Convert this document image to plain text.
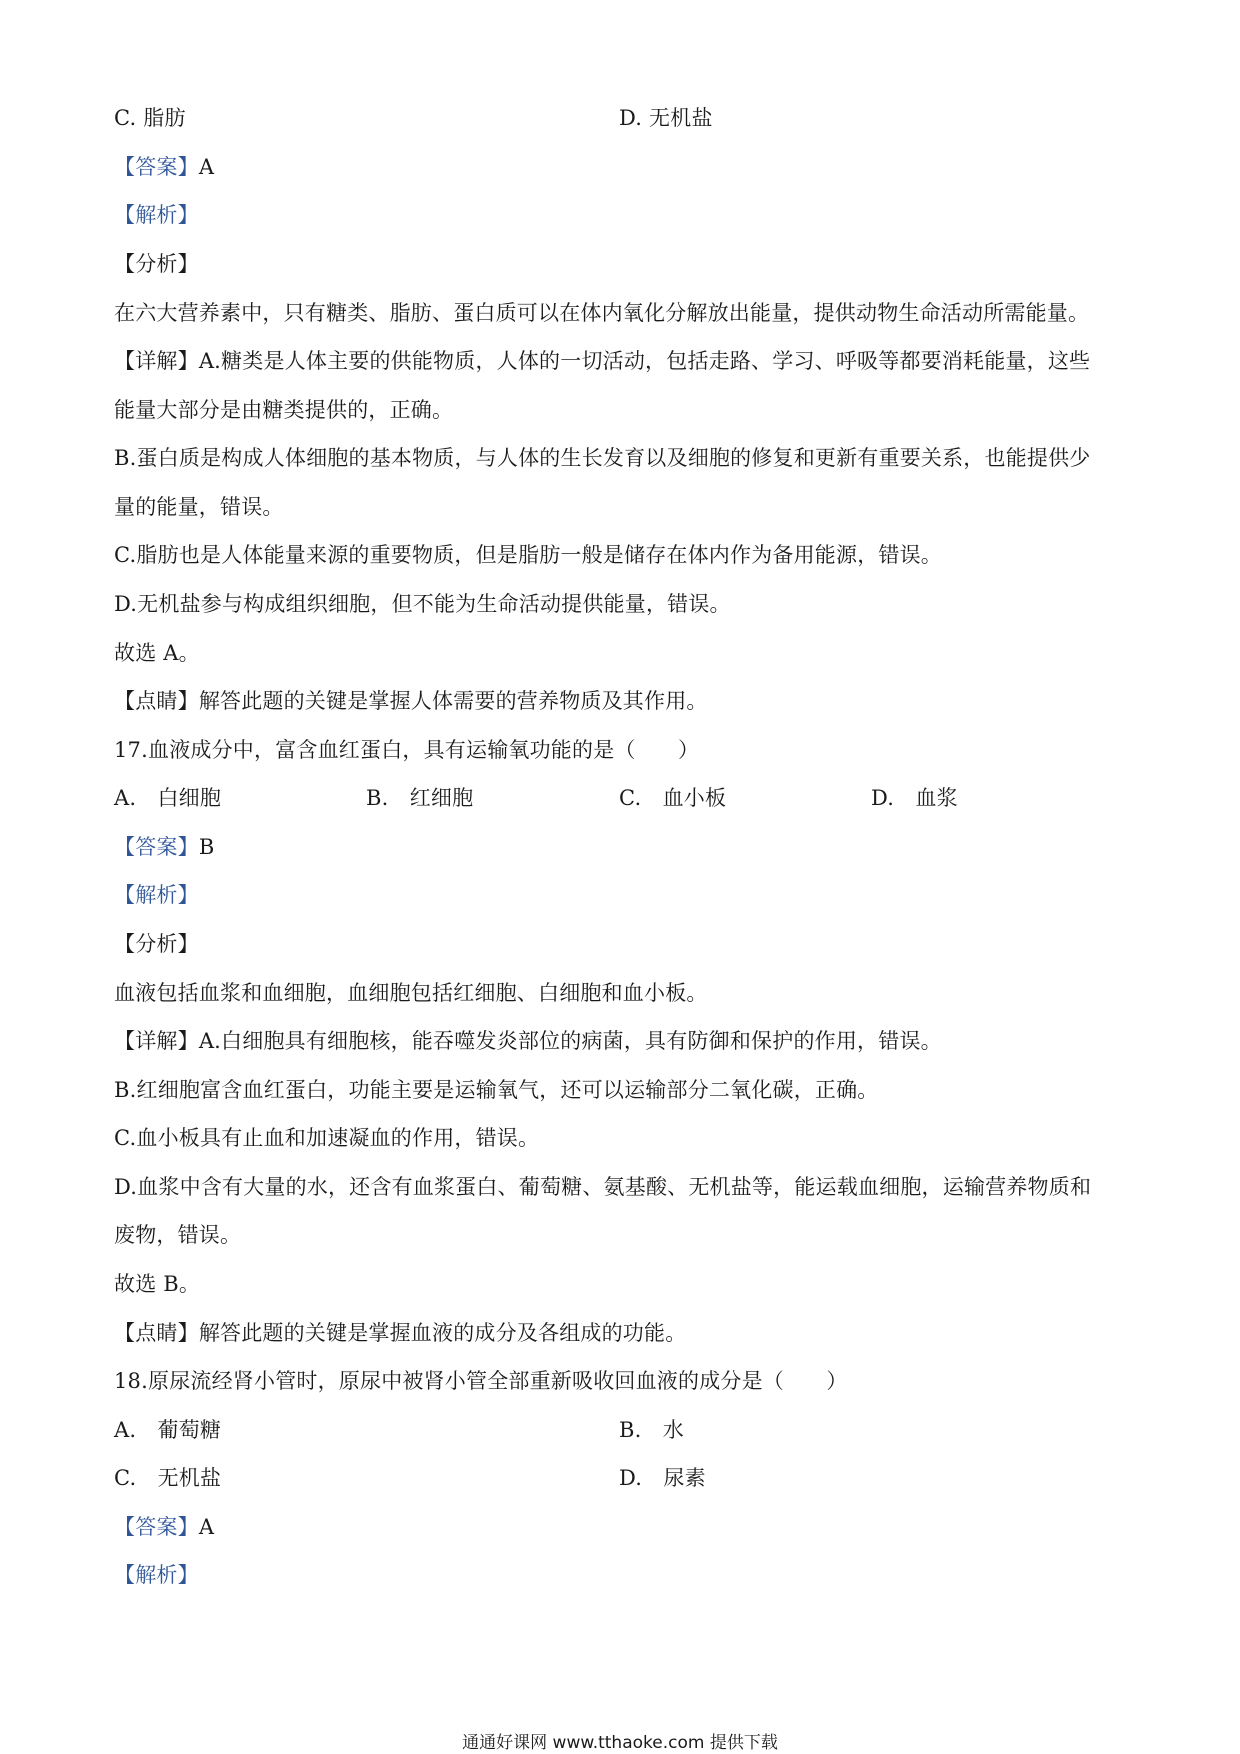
C. 脂肪	D. 无机盐
【答案】A
【解析】
【分析】
在六大营养素中，只有糖类、脂肪、蛋白质可以在体内氧化分解放出能量，提供动物生命活动所需能量。
【详解】A.糖类是人体主要的供能物质，人体的一切活动，包括走路、学习、呼吸等都要消耗能量，这些
能量大部分是由糖类提供的，正确。
B.蛋白质是构成人体细胞的基本物质，与人体的生长发育以及细胞的修复和更新有重要关系，也能提供少
量的能量，错误。
C.脂肪也是人体能量来源的重要物质，但是脂肪一般是储存在体内作为备用能源，错误。
D.无机盐参与构成组织细胞，但不能为生命活动提供能量，错误。
故选 A。
【点睛】解答此题的关键是掌握人体需要的营养物质及其作用。
17.血液成分中，富含血红蛋白，具有运输氧功能的是（　　）
A.　白细胞	B.　红细胞	C.　血小板	D.　血浆
【答案】B
【解析】
【分析】
血液包括血浆和血细胞，血细胞包括红细胞、白细胞和血小板。
【详解】A.白细胞具有细胞核，能吞噬发炎部位的病菌，具有防御和保护的作用，错误。
B.红细胞富含血红蛋白，功能主要是运输氧气，还可以运输部分二氧化碳，正确。
C.血小板具有止血和加速凝血的作用，错误。
D.血浆中含有大量的水，还含有血浆蛋白、葡萄糖、氨基酸、无机盐等，能运载血细胞，运输营养物质和
废物，错误。
故选 B。
【点睛】解答此题的关键是掌握血液的成分及各组成的功能。
18.原尿流经肾小管时，原尿中被肾小管全部重新吸收回血液的成分是（　　）
A.　葡萄糖	B.　水
C.　无机盐	D.　尿素
【答案】A
【解析】
通通好课网 www.tthaoke.com 提供下载
